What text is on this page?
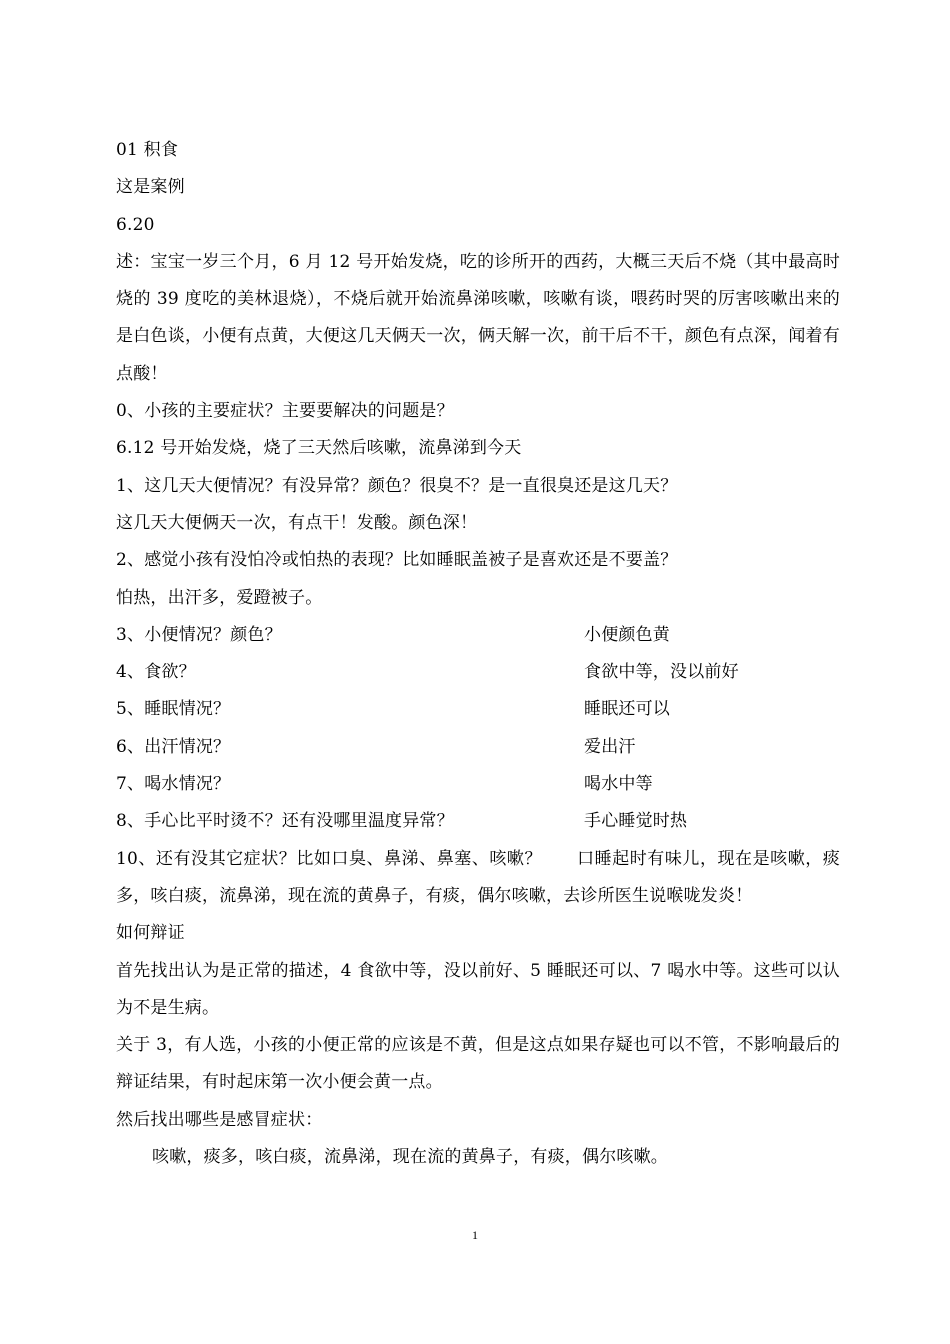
01 积食
这是案例
6.20
述：宝宝一岁三个月，6 月 12 号开始发烧，吃的诊所开的西药，大概三天后不烧（其中最高时烧的 39 度吃的美林退烧），不烧后就开始流鼻涕咳嗽，咳嗽有谈，喂药时哭的厉害咳嗽出来的是白色谈，小便有点黄，大便这几天俩天一次，俩天解一次，前干后不干，颜色有点深，闻着有点酸！
0、小孩的主要症状？主要要解决的问题是？
6.12 号开始发烧，烧了三天然后咳嗽，流鼻涕到今天
1、这几天大便情况？有没异常？颜色？很臭不？是一直很臭还是这几天？
这几天大便俩天一次，有点干！发酸。颜色深！
2、感觉小孩有没怕冷或怕热的表现？比如睡眠盖被子是喜欢还是不要盖？
怕热，出汗多，爱蹬被子。
3、小便情况？颜色？	小便颜色黄
4、食欲？	食欲中等，没以前好
5、睡眠情况？	睡眠还可以
6、出汗情况？	爱出汗
7、喝水情况？	喝水中等
8、手心比平时烫不？还有没哪里温度异常？	手心睡觉时热
10、还有没其它症状？比如口臭、鼻涕、鼻塞、咳嗽？　　口睡起时有味儿，现在是咳嗽，痰多，咳白痰，流鼻涕，现在流的黄鼻子，有痰，偶尔咳嗽，去诊所医生说喉咙发炎！
如何辩证
首先找出认为是正常的描述，4 食欲中等，没以前好、5 睡眠还可以、7 喝水中等。这些可以认为不是生病。
关于 3，有人选，小孩的小便正常的应该是不黄，但是这点如果存疑也可以不管，不影响最后的辩证结果，有时起床第一次小便会黄一点。
然后找出哪些是感冒症状：
咳嗽，痰多，咳白痰，流鼻涕，现在流的黄鼻子，有痰，偶尔咳嗽。
1
